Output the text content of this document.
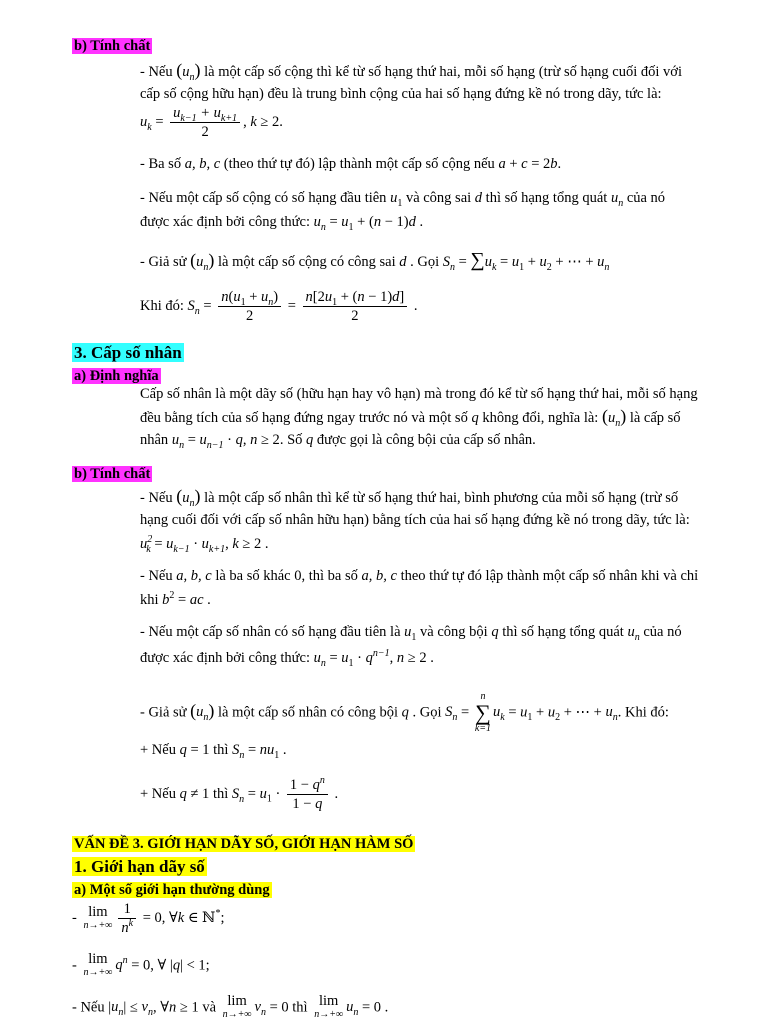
b) Tính chất
- Nếu $(u_n)$ là một cấp số cộng thì kể từ số hạng thứ hai, mỗi số hạng (trừ số hạng cuối đối với
cấp số cộng hữu hạn) đều là trung bình cộng của hai số hạng đứng kề nó trong dãy, tức là:
$u_k = \frac{u_{k-1} + u_{k+1}}{2}$ , k ≥ 2.
- Ba số a, b, c (theo thứ tự đó) lập thành một cấp số cộng nếu a + c = 2b.
- Nếu một cấp số cộng có số hạng đầu tiên $u_1$ và công sai d thì số hạng tổng quát $u_n$ của nó
được xác định bởi công thức: $u_n = u_1 + (n - 1)d$ .
- Giả sử $(u_n)$ là một cấp số cộng có công sai d . Gọi $S_n = \sum u_k = u_1 + u_2$ + ⋯ + $u_n$
Khi đó: $S_n = \frac{n(u_1 + u_n)}{2} = \frac{n[2u_1 + (n - 1)d]}{2}$ .
3. Cấp số nhân
a) Định nghĩa
Cấp số nhân là một dãy số (hữu hạn hay vô hạn) mà trong đó kể từ số hạng thứ hai, mỗi số hạng
đều bằng tích của số hạng đứng ngay trước nó và một số q không đổi, nghĩa là: $(u_n)$ là cấp số
nhân $u_n = u_{n-1} \cdot q$, n ≥ 2. Số q được gọi là công bội của cấp số nhân.
b) Tính chất
- Nếu $(u_n)$ là một cấp số nhân thì kể từ số hạng thứ hai, bình phương của mỗi số hạng (trừ số
hạng cuối đối với cấp số nhân hữu hạn) bằng tích của hai số hạng đứng kề nó trong dãy, tức là:
$u^2_k = u_{k-1} \cdot u_{k+1}$, k ≥ 2 .
- Nếu a, b, c là ba số khác 0, thì ba số a, b, c theo thứ tự đó lập thành một cấp số nhân khi và chỉ
khi $b^2$ = ac .
- Nếu một cấp số nhân có số hạng đầu tiên là $u_1$ và công bội q thì số hạng tổng quát $u_n$ của nó
được xác định bởi công thức: $u_n = u_1 \cdot q^{n-1}$, n ≥ 2 .
- Giả sử $(u_n)$ là một cấp số nhân có công bội q . Gọi $S_n$ =
n
∑
k=1
$u_k = u_1 + u_2$ + ⋯ + $u_n$. Khi đó:
+ Nếu q = 1 thì $S_n = nu_1$ .
+ Nếu q ≠ 1 thì $S_n = u_1 \cdot \frac{1 - q^n}{1 - q}$ .
VẤN ĐỀ 3. GIỚI HẠN DÃY SỐ, GIỚI HẠN HÀM SỐ
1. Giới hạn dãy số
a) Một số giới hạn thường dùng
- lim
$n\to+\infty \frac{1}{n^k} = 0$, ∀k ∈ ℕ*;
- lim
n→+∞ $q^n = 0$, ∀ |q| < 1;
- Nếu $|u_n| \le v_n$, ∀n ≥ 1 và lim
n→+∞ $v_n = 0$ thì lim
n→+∞ $u_n = 0$ .
